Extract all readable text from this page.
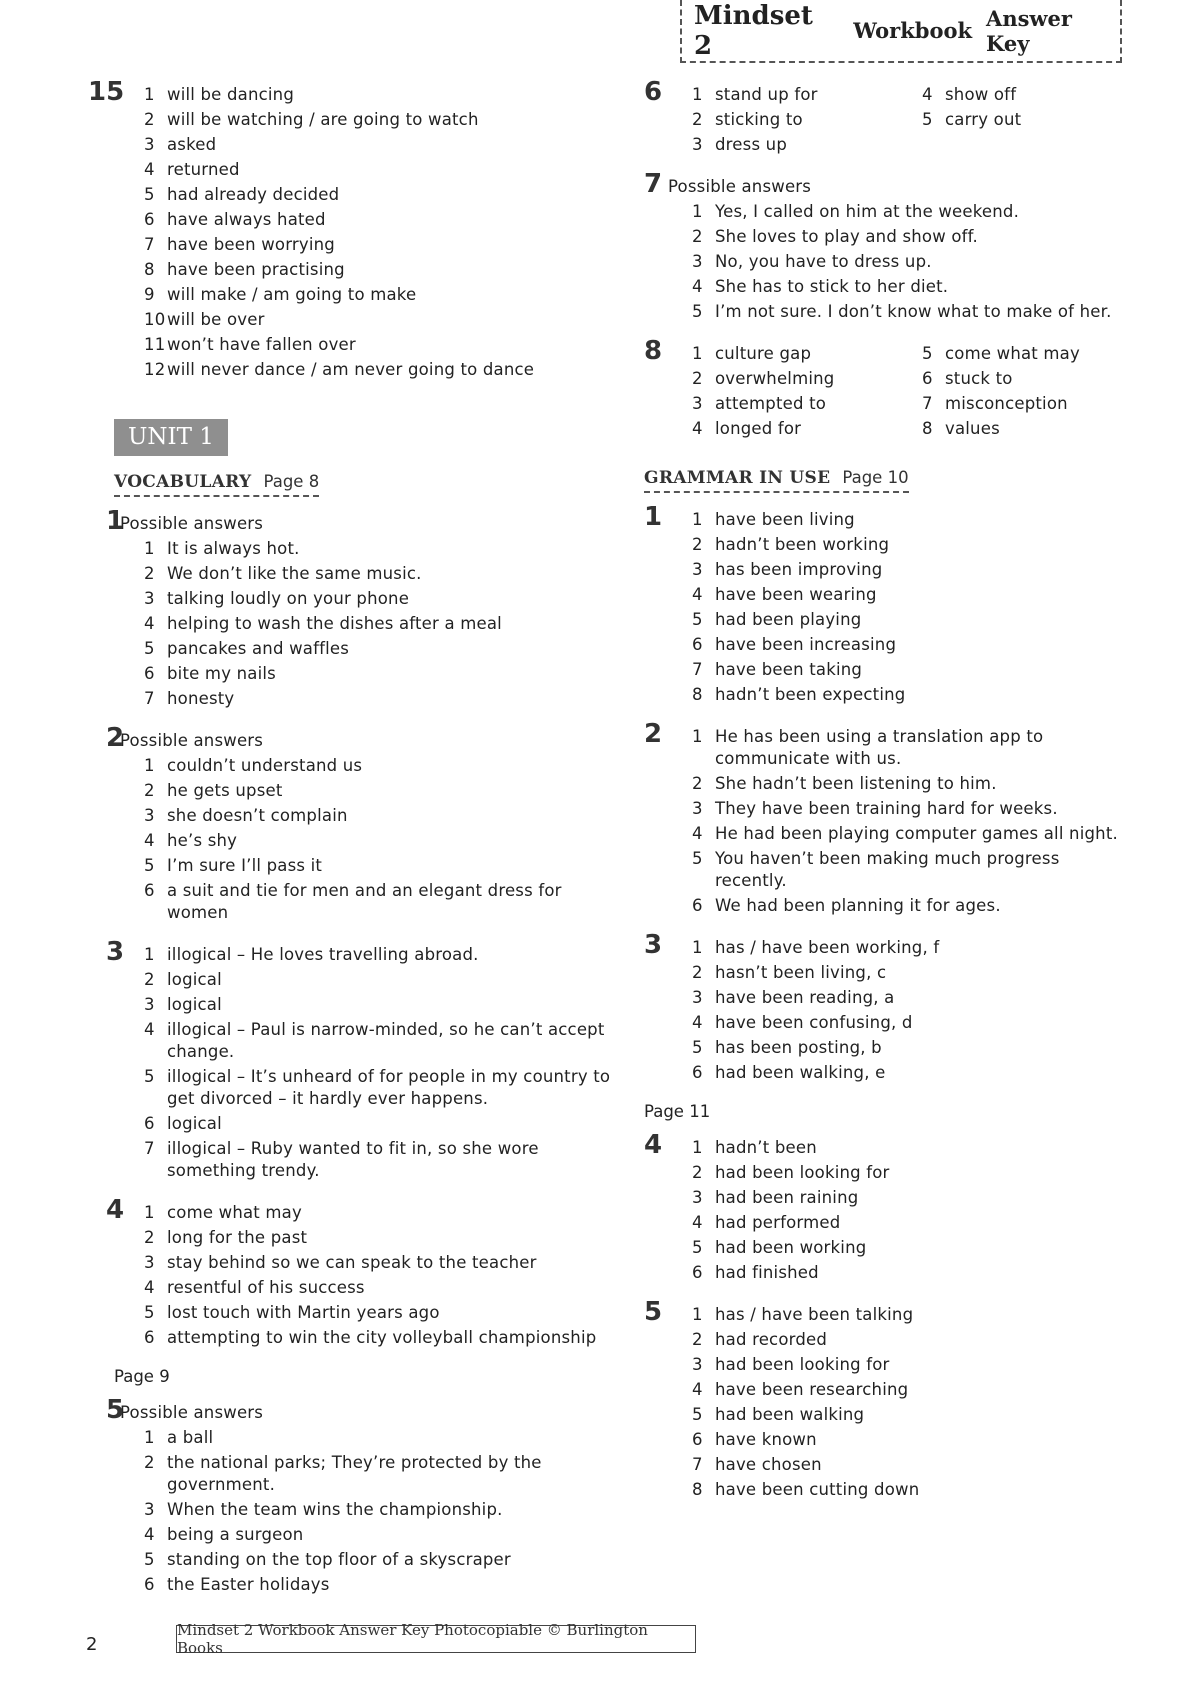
Mindset 2	Workbook Answer Key
15 1 will be dancing
2 will be watching / are going to watch
3 asked
4 returned
5 had already decided
6 have always hated
7 have been worrying
8 have been practising
9 will make / am going to make
10 will be over
11 won’t have fallen over
12 will never dance / am never going to dance
UNIT 1
VOCABULARY Page 8
1
Possible answers
1 It is always hot.
2 We don’t like the same music.
3 talking loudly on your phone
4 helping to wash the dishes after a meal
5 pancakes and waffles
6 bite my nails
7 honesty
2
Possible answers
1 couldn’t understand us
2 he gets upset
3 she doesn’t complain
4 he’s shy
5 I’m sure I’ll pass it
6 a suit and tie for men and an elegant dress for women
3 1 illogical – He loves travelling abroad.
2 logical
3 logical
4 illogical – Paul is narrow-minded, so he can’t accept change.
5 illogical – It’s unheard of for people in my country to get divorced – it hardly ever happens.
6 logical
7 illogical – Ruby wanted to fit in, so she wore something trendy.
4 1 come what may
2 long for the past
3 stay behind so we can speak to the teacher
4 resentful of his success
5 lost touch with Martin years ago
6 attempting to win the city volleyball championship
Page 9
5
Possible answers
1 a ball
2 the national parks; They’re protected by the government.
3 When the team wins the championship.
4 being a surgeon
5 standing on the top floor of a skyscraper
6 the Easter holidays
6 1 stand up for
2 sticking to
3 dress up
4 show off
5 carry out
7 Possible answers
1 Yes, I called on him at the weekend.
2 She loves to play and show off.
3 No, you have to dress up.
4 She has to stick to her diet.
5 I’m not sure. I don’t know what to make of her.
8 1 culture gap
2 overwhelming
3 attempted to
4 longed for
5 come what may
6 stuck to
7 misconception
8 values
GRAMMAR IN USE Page 10
1 1 have been living
2 hadn’t been working
3 has been improving
4 have been wearing
5 had been playing
6 have been increasing
7 have been taking
8 hadn’t been expecting
2 1 He has been using a translation app to communicate with us.
2 She hadn’t been listening to him.
3 They have been training hard for weeks.
4 He had been playing computer games all night.
5 You haven’t been making much progress recently.
6 We had been planning it for ages.
3 1 has / have been working, f
2 hasn’t been living, c
3 have been reading, a
4 have been confusing, d
5 has been posting, b
6 had been walking, e
Page 11
4 1 hadn’t been
2 had been looking for
3 had been raining
4 had performed
5 had been working
6 had finished
5 1 has / have been talking
2 had recorded
3 had been looking for
4 have been researching
5 had been walking
6 have known
7 have chosen
8 have been cutting down
2
Mindset 2 Workbook Answer Key Photocopiable © Burlington Books
